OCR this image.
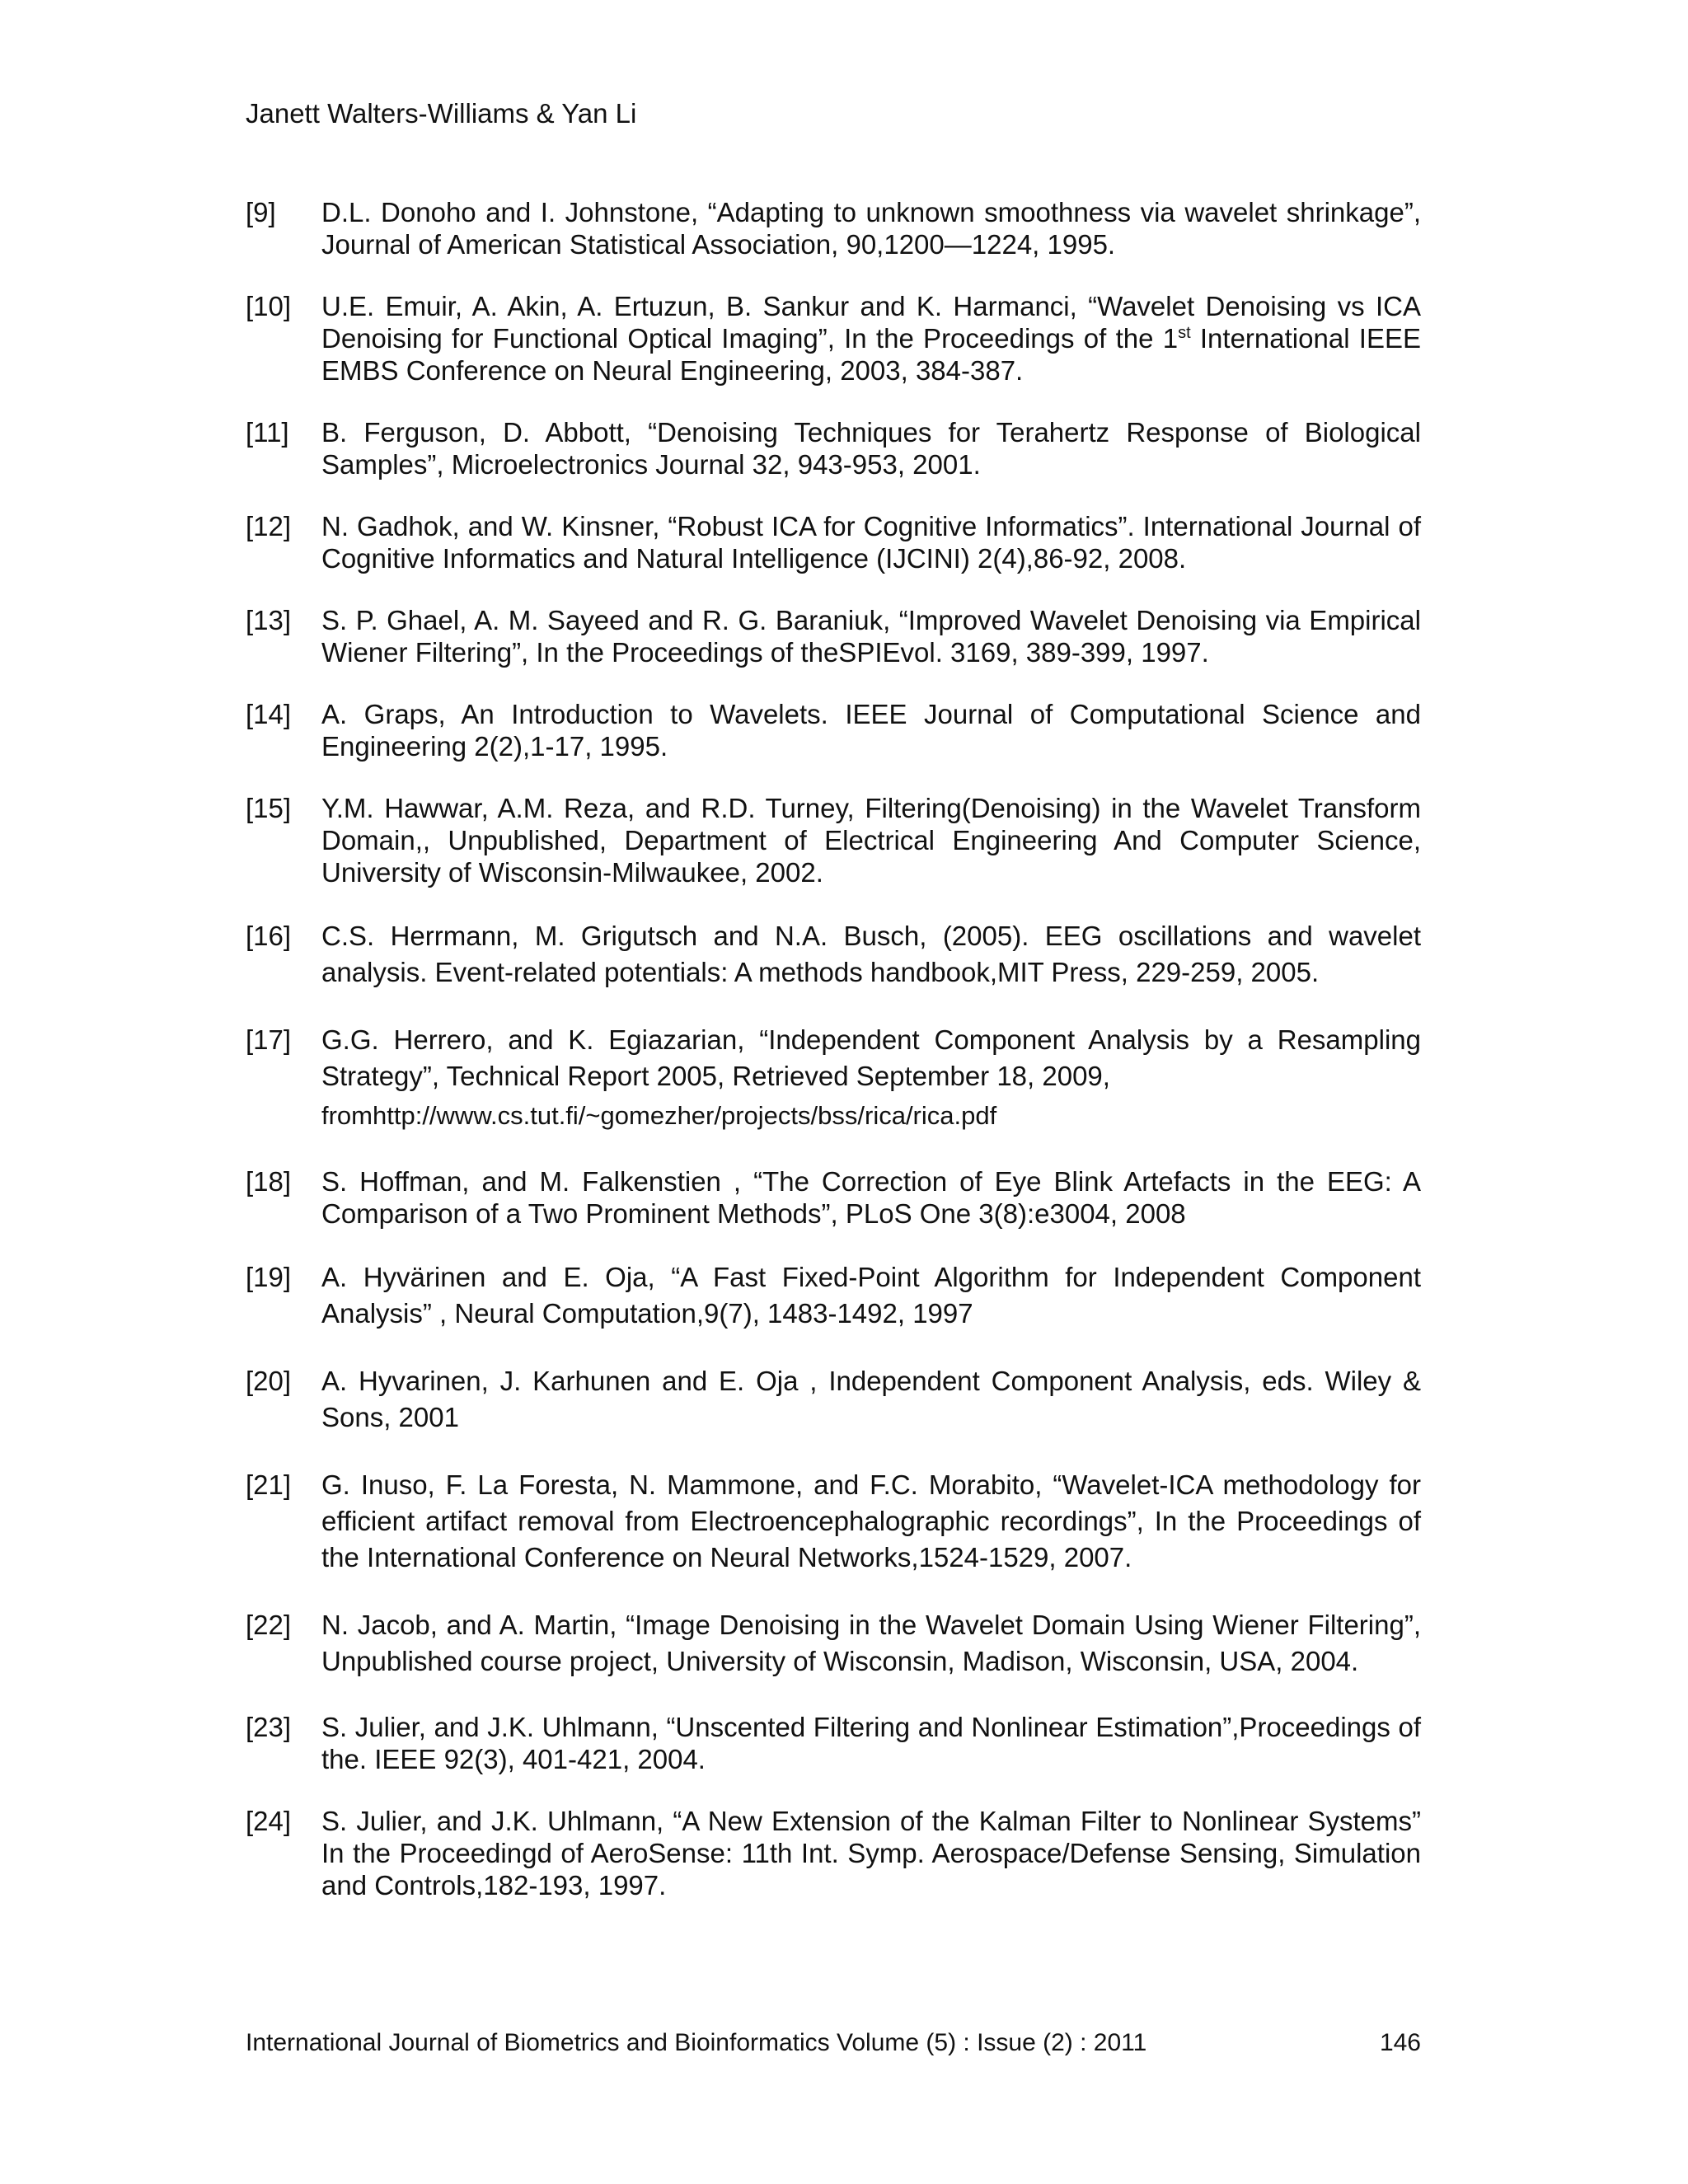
Janett Walters-Williams & Yan Li
[9]	D.L. Donoho and I. Johnstone, “Adapting to unknown smoothness via wavelet shrinkage”, Journal of American Statistical Association, 90,1200—1224, 1995.
[10]	U.E. Emuir, A. Akin, A. Ertuzun, B. Sankur and K. Harmanci, “Wavelet Denoising vs ICA Denoising for Functional Optical Imaging”, In the Proceedings of the 1st International IEEE EMBS Conference on Neural Engineering, 2003, 384-387.
[11]	B. Ferguson, D. Abbott, “Denoising Techniques for Terahertz Response of Biological Samples”, Microelectronics Journal 32, 943-953, 2001.
[12]	N. Gadhok, and W. Kinsner, “Robust ICA for Cognitive Informatics”. International Journal of Cognitive Informatics and Natural Intelligence (IJCINI) 2(4),86-92, 2008.
[13]	S. P. Ghael, A. M. Sayeed and R. G. Baraniuk, “Improved Wavelet Denoising via Empirical Wiener Filtering”, In the Proceedings of theSPIEvol. 3169, 389-399, 1997.
[14]	A. Graps, An Introduction to Wavelets. IEEE Journal of Computational Science and Engineering 2(2),1-17, 1995.
[15]	Y.M. Hawwar, A.M. Reza, and R.D. Turney, Filtering(Denoising) in the Wavelet Transform Domain,, Unpublished, Department of Electrical Engineering And Computer Science, University of Wisconsin-Milwaukee, 2002.
[16]	C.S. Herrmann, M. Grigutsch and N.A. Busch, (2005). EEG oscillations and wavelet analysis. Event-related potentials: A methods handbook,MIT Press, 229-259, 2005.
[17]	G.G. Herrero, and K. Egiazarian, “Independent Component Analysis by a Resampling Strategy”, Technical Report 2005, Retrieved September 18, 2009,
fromhttp://www.cs.tut.fi/~gomezher/projects/bss/rica/rica.pdf
[18]	S. Hoffman, and M. Falkenstien , “The Correction of Eye Blink Artefacts in the EEG: A Comparison of a Two Prominent Methods”, PLoS One 3(8):e3004, 2008
[19]	A. Hyvärinen and E. Oja, “A Fast Fixed-Point Algorithm for Independent Component Analysis” , Neural Computation,9(7), 1483-1492, 1997
[20]	A. Hyvarinen, J. Karhunen and E. Oja , Independent Component Analysis, eds. Wiley & Sons, 2001
[21]	G. Inuso, F. La Foresta, N. Mammone, and F.C. Morabito, “Wavelet-ICA methodology for efficient artifact removal from Electroencephalographic recordings”, In the Proceedings of the International Conference on Neural Networks,1524-1529, 2007.
[22]	N. Jacob, and A. Martin, “Image Denoising in the Wavelet Domain Using Wiener Filtering”, Unpublished course project, University of Wisconsin, Madison, Wisconsin, USA, 2004.
[23]	S. Julier, and J.K. Uhlmann, “Unscented Filtering and Nonlinear Estimation”,Proceedings of the. IEEE 92(3), 401-421, 2004.
[24]	S. Julier, and J.K. Uhlmann, “A New Extension of the Kalman Filter to Nonlinear Systems” In the Proceedingd of AeroSense: 11th Int. Symp. Aerospace/Defense Sensing, Simulation and Controls,182-193, 1997.
International Journal of Biometrics and Bioinformatics Volume (5) : Issue (2) : 2011	146
